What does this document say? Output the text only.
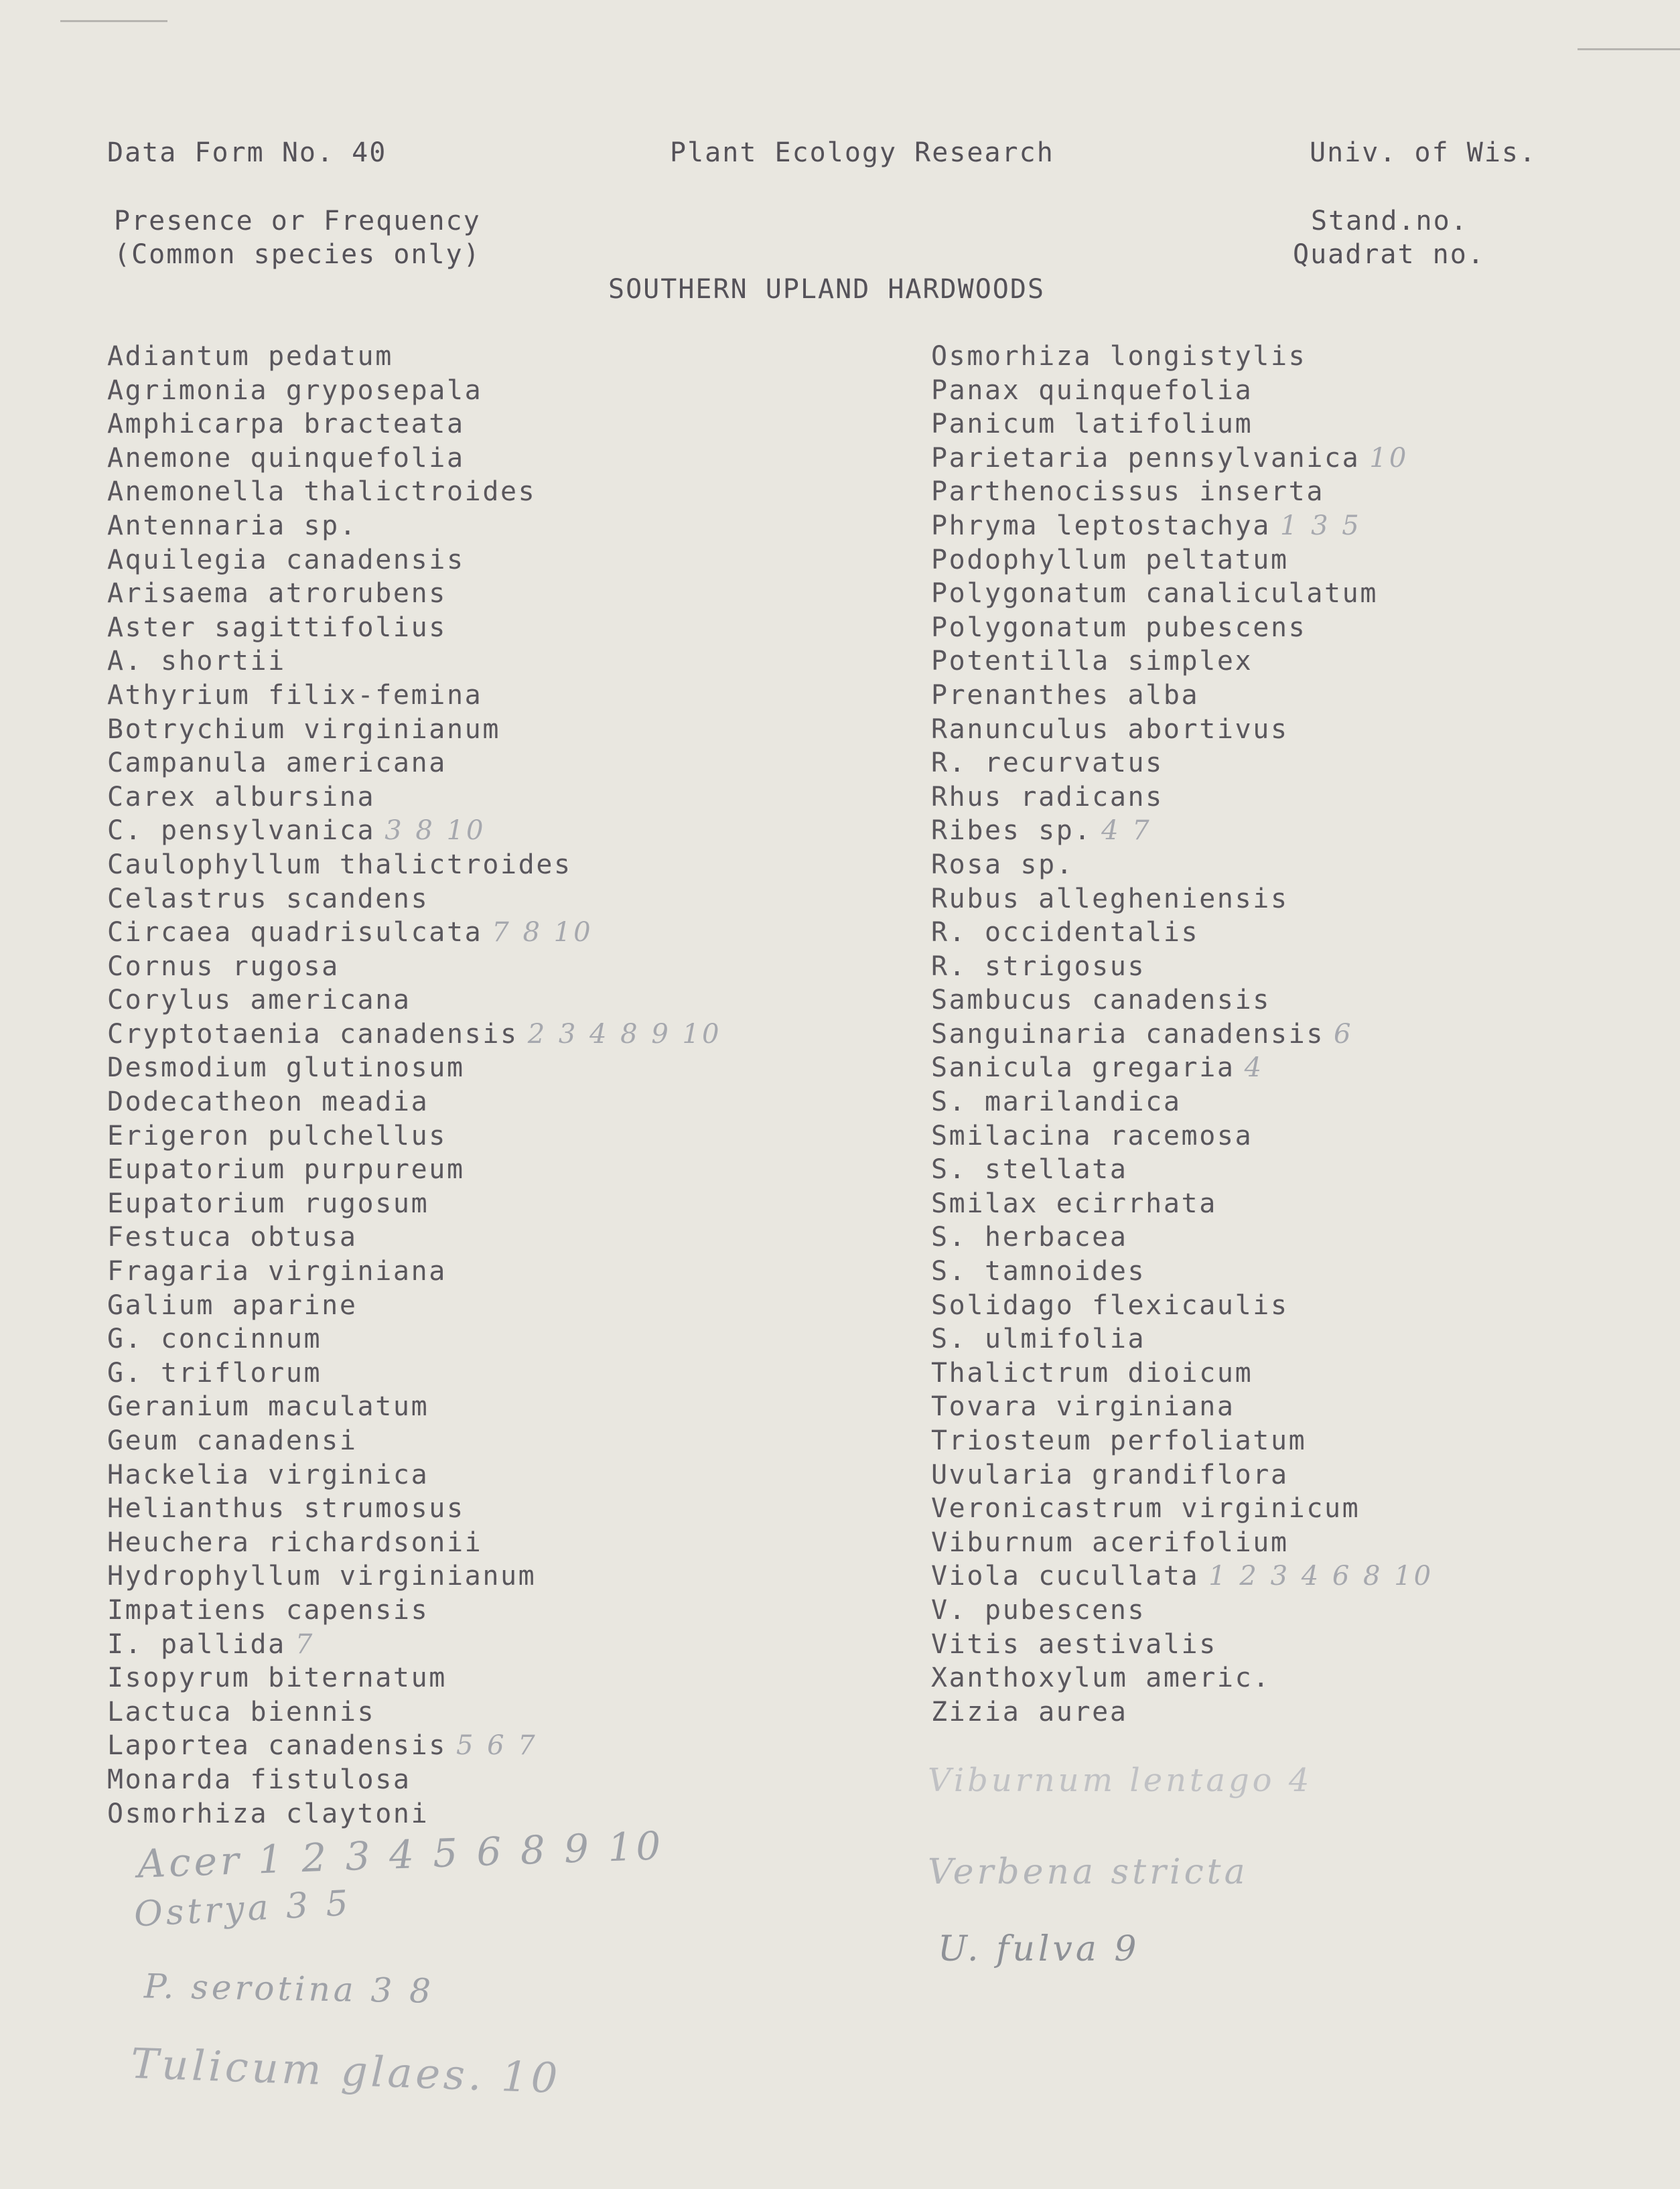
Data Form No. 40	Plant Ecology Research	Univ. of Wis.
Presence or Frequency
(Common species only)
Stand.no.
Quadrat no.
SOUTHERN UPLAND HARDWOODS
Adiantum pedatum
Agrimonia gryposepala
Amphicarpa bracteata
Anemone quinquefolia
Anemonella thalictroides
Antennaria sp.
Aquilegia canadensis
Arisaema atrorubens
Aster sagittifolius
A. shortii
Athyrium filix-femina
Botrychium virginianum
Campanula americana
Carex albursina
C. pensylvanica 3 8 10
Caulophyllum thalictroides
Celastrus scandens
Circaea quadrisulcata 7 8 10
Cornus rugosa
Corylus americana
Cryptotaenia canadensis 2 3 4 8 9 10
Desmodium glutinosum
Dodecatheon meadia
Erigeron pulchellus
Eupatorium purpureum
Eupatorium rugosum
Festuca obtusa
Fragaria virginiana
Galium aparine
G. concinnum
G. triflorum
Geranium maculatum
Geum canadensi
Hackelia virginica
Helianthus strumosus
Heuchera richardsonii
Hydrophyllum virginianum
Impatiens capensis
I. pallida 7
Isopyrum biternatum
Lactuca biennis
Laportea canadensis 5 6 7
Monarda fistulosa
Osmorhiza claytoni
Osmorhiza longistylis
Panax quinquefolia
Panicum latifolium
Parietaria pennsylvanica 10
Parthenocissus inserta
Phryma leptostachya 1 3 5
Podophyllum peltatum
Polygonatum canaliculatum
Polygonatum pubescens
Potentilla simplex
Prenanthes alba
Ranunculus abortivus
R. recurvatus
Rhus radicans
Ribes sp. 4 7
Rosa sp.
Rubus allegheniensis
R. occidentalis
R. strigosus
Sambucus canadensis
Sanguinaria canadensis 6
Sanicula gregaria 4
S. marilandica
Smilacina racemosa
S. stellata
Smilax ecirrhata
S. herbacea
S. tamnoides
Solidago flexicaulis
S. ulmifolia
Thalictrum dioicum
Tovara virginiana
Triosteum perfoliatum
Uvularia grandiflora
Veronicastrum virginicum
Viburnum acerifolium
Viola cucullata 1 2 3 4 6 8 10
V. pubescens
Vitis aestivalis
Xanthoxylum americ.
Zizia aurea
Acer 1 2 3 4 5 6 8 9 10
Ostrya 3 5
P. serotina 3 8
Tulicum glaes. 10
Viburnum lentago 4
Verbena stricta
U. fulva 9
